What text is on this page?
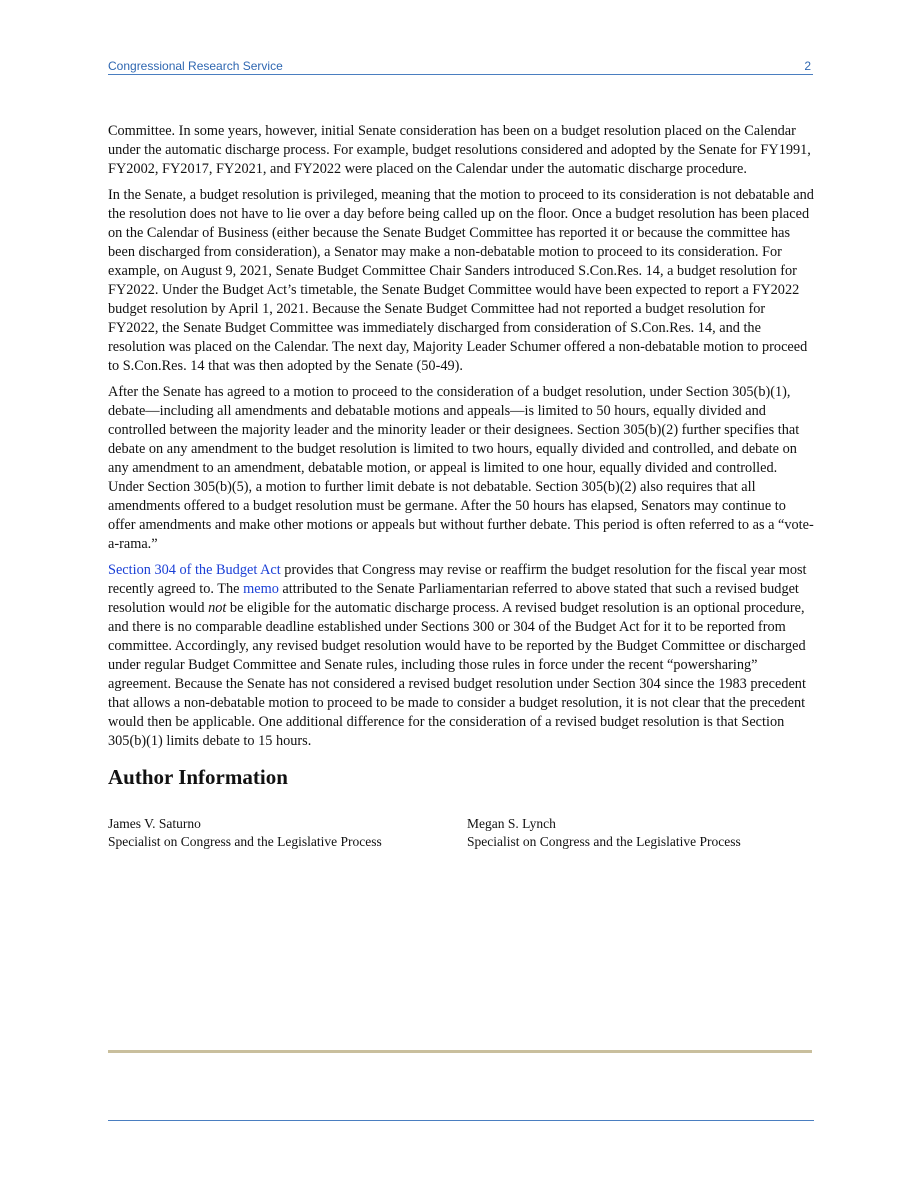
Congressional Research Service	2

Committee. In some years, however, initial Senate consideration has been on a budget resolution placed on the Calendar under the automatic discharge process. For example, budget resolutions considered and adopted by the Senate for FY1991, FY2002, FY2017, FY2021, and FY2022 were placed on the Calendar under the automatic discharge procedure.

In the Senate, a budget resolution is privileged, meaning that the motion to proceed to its consideration is not debatable and the resolution does not have to lie over a day before being called up on the floor. Once a budget resolution has been placed on the Calendar of Business (either because the Senate Budget Committee has reported it or because the committee has been discharged from consideration), a Senator may make a non-debatable motion to proceed to its consideration. For example, on August 9, 2021, Senate Budget Committee Chair Sanders introduced S.Con.Res. 14, a budget resolution for FY2022. Under the Budget Act’s timetable, the Senate Budget Committee would have been expected to report a FY2022 budget resolution by April 1, 2021. Because the Senate Budget Committee had not reported a budget resolution for FY2022, the Senate Budget Committee was immediately discharged from consideration of S.Con.Res. 14, and the resolution was placed on the Calendar. The next day, Majority Leader Schumer offered a non-debatable motion to proceed to S.Con.Res. 14 that was then adopted by the Senate (50-49).

After the Senate has agreed to a motion to proceed to the consideration of a budget resolution, under Section 305(b)(1), debate—including all amendments and debatable motions and appeals—is limited to 50 hours, equally divided and controlled between the majority leader and the minority leader or their designees. Section 305(b)(2) further specifies that debate on any amendment to the budget resolution is limited to two hours, equally divided and controlled, and debate on any amendment to an amendment, debatable motion, or appeal is limited to one hour, equally divided and controlled. Under Section 305(b)(5), a motion to further limit debate is not debatable. Section 305(b)(2) also requires that all amendments offered to a budget resolution must be germane. After the 50 hours has elapsed, Senators may continue to offer amendments and make other motions or appeals but without further debate. This period is often referred to as a “vote-a-rama.”

Section 304 of the Budget Act provides that Congress may revise or reaffirm the budget resolution for the fiscal year most recently agreed to. The memo attributed to the Senate Parliamentarian referred to above stated that such a revised budget resolution would not be eligible for the automatic discharge process. A revised budget resolution is an optional procedure, and there is no comparable deadline established under Sections 300 or 304 of the Budget Act for it to be reported from committee. Accordingly, any revised budget resolution would have to be reported by the Budget Committee or discharged under regular Budget Committee and Senate rules, including those rules in force under the recent “powersharing” agreement. Because the Senate has not considered a revised budget resolution under Section 304 since the 1983 precedent that allows a non-debatable motion to proceed to be made to consider a budget resolution, it is not clear that the precedent would then be applicable. One additional difference for the consideration of a revised budget resolution is that Section 305(b)(1) limits debate to 15 hours.

Author Information
James V. Saturno
Specialist on Congress and the Legislative Process
Megan S. Lynch
Specialist on Congress and the Legislative Process
